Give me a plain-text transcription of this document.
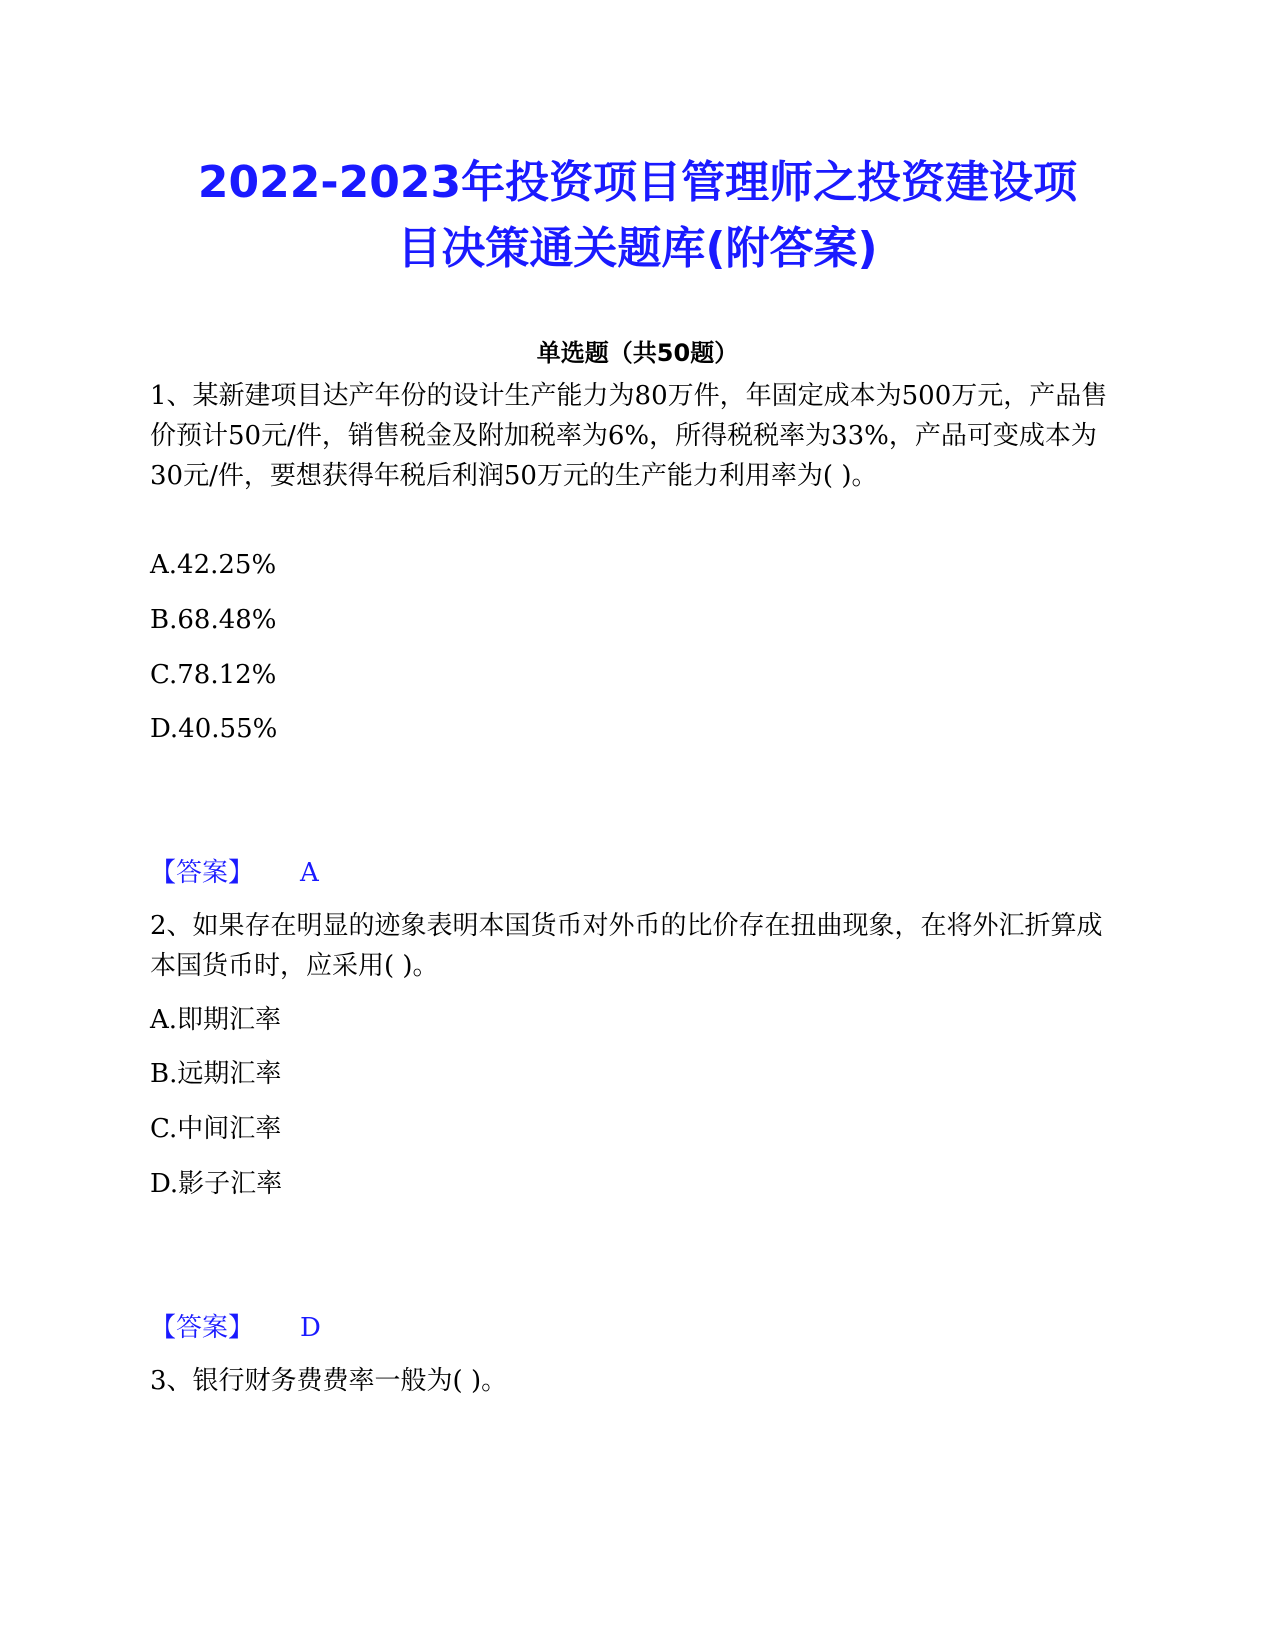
2022-2023年投资项目管理师之投资建设项
目决策通关题库(附答案)
单选题（共50题）

1、某新建项目达产年份的设计生产能力为80万件，年固定成本为500万元，产品售价预计50元/件，销售税金及附加税率为6%，所得税税率为33%，产品可变成本为30元/件，要想获得年税后利润50万元的生产能力利用率为( )。

A.42.25%

B.68.48%

C.78.12%

D.40.55%

【答案】 A

2、如果存在明显的迹象表明本国货币对外币的比价存在扭曲现象，在将外汇折算成本国货币时，应采用( )。

A.即期汇率

B.远期汇率

C.中间汇率

D.影子汇率

【答案】 D

3、银行财务费费率一般为( )。
